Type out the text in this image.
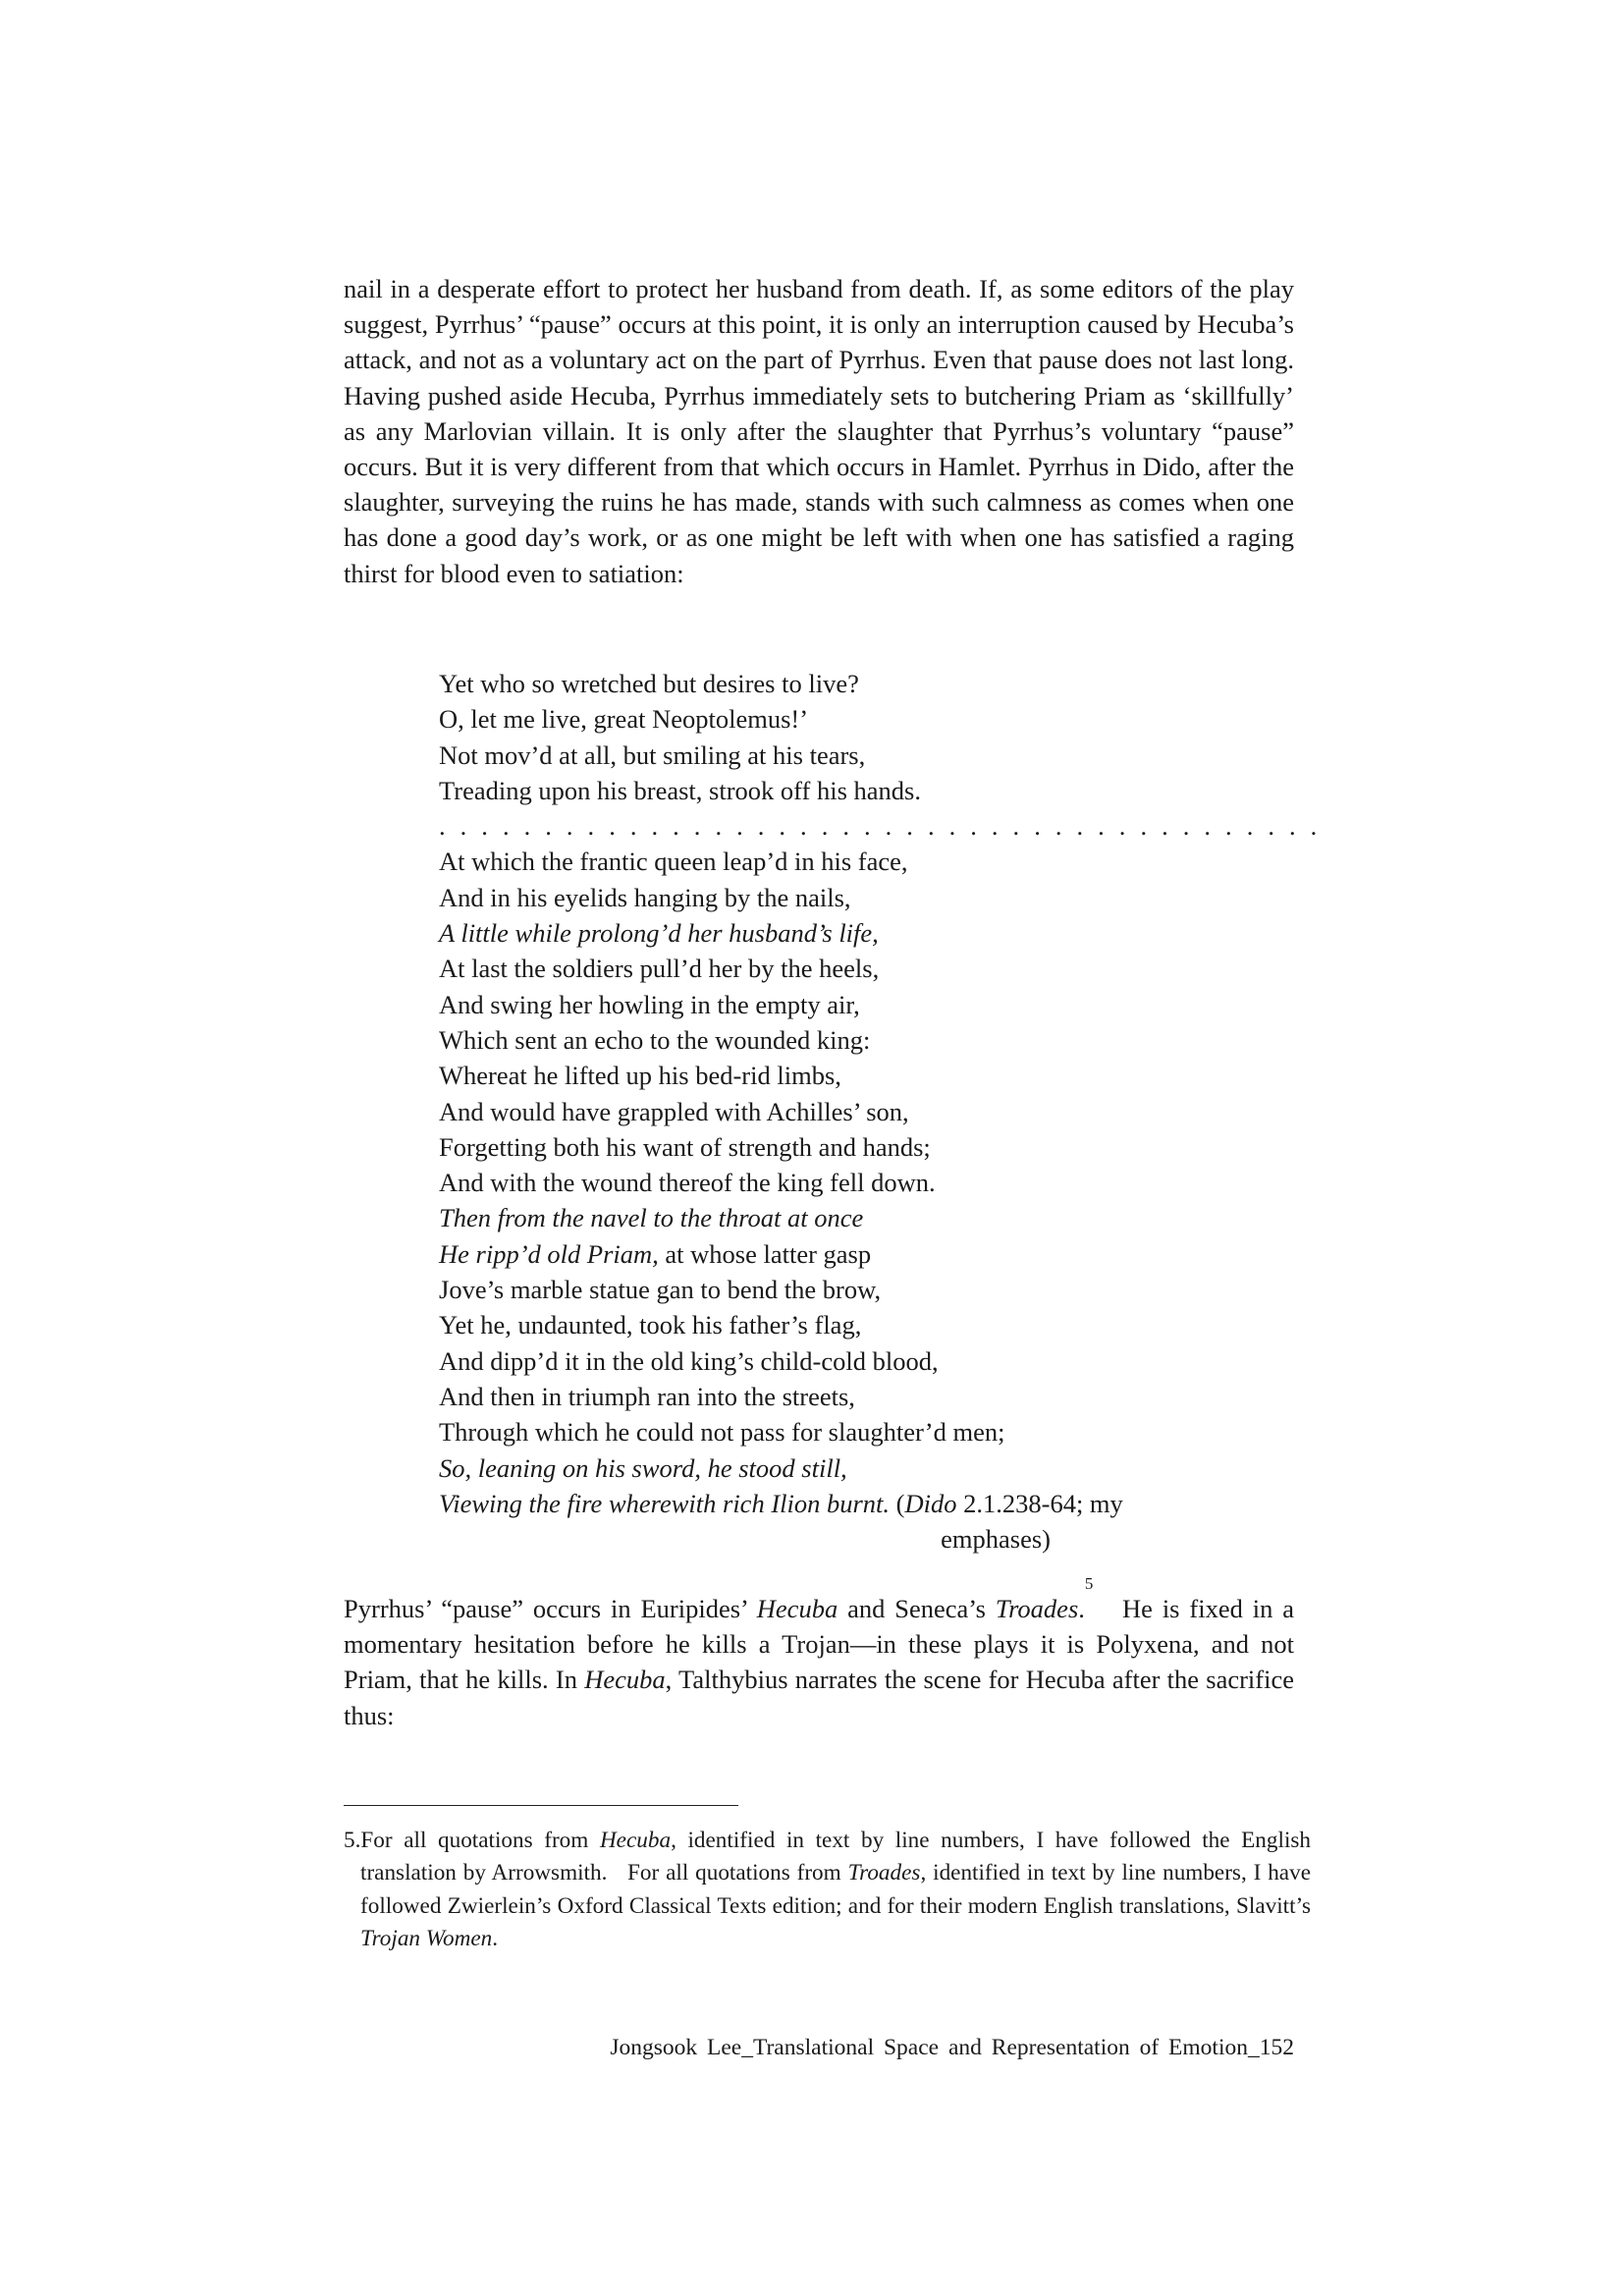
nail in a desperate effort to protect her husband from death. If, as some editors of the play suggest, Pyrrhus’ “pause” occurs at this point, it is only an interruption caused by Hecuba’s attack, and not as a voluntary act on the part of Pyrrhus. Even that pause does not last long. Having pushed aside Hecuba, Pyrrhus immediately sets to butchering Priam as ‘skillfully’ as any Marlovian villain. It is only after the slaughter that Pyrrhus’s voluntary “pause” occurs. But it is very different from that which occurs in Hamlet. Pyrrhus in Dido, after the slaughter, surveying the ruins he has made, stands with such calmness as comes when one has done a good day’s work, or as one might be left with when one has satisfied a raging thirst for blood even to satiation:

Yet who so wretched but desires to live?
O, let me live, great Neoptolemus!’
Not mov’d at all, but smiling at his tears,
Treading upon his breast, strook off his hands.
. . . . . . . . . . . . . . . . . . . . . . . . . . . . . . . . . . . . . . . . . .
At which the frantic queen leap’d in his face,
And in his eyelids hanging by the nails,
A little while prolong’d her husband’s life,
At last the soldiers pull’d her by the heels,
And swing her howling in the empty air,
Which sent an echo to the wounded king:
Whereat he lifted up his bed-rid limbs,
And would have grappled with Achilles’ son,
Forgetting both his want of strength and hands;
And with the wound thereof the king fell down.
Then from the navel to the throat at once
He ripp’d old Priam, at whose latter gasp
Jove’s marble statue gan to bend the brow,
Yet he, undaunted, took his father’s flag,
And dipp’d it in the old king’s child-cold blood,
And then in triumph ran into the streets,
Through which he could not pass for slaughter’d men;
So, leaning on his sword, he stood still,
Viewing the fire wherewith rich Ilion burnt. (Dido 2.1.238-64; my
emphases)

Pyrrhus’ “pause” occurs in Euripides’ Hecuba and Seneca’s Troades.$^5$   He is fixed in a momentary hesitation before he kills a Trojan—in these plays it is Polyxena, and not Priam, that he kills. In Hecuba, Talthybius narrates the scene for Hecuba after the sacrifice thus:

5.For all quotations from Hecuba, identified in text by line numbers, I have followed the English translation by Arrowsmith.   For all quotations from Troades, identified in text by line numbers, I have followed Zwierlein’s Oxford Classical Texts edition; and for their modern English translations, Slavitt’s Trojan Women.

Jongsook Lee_Translational Space and Representation of Emotion_152
